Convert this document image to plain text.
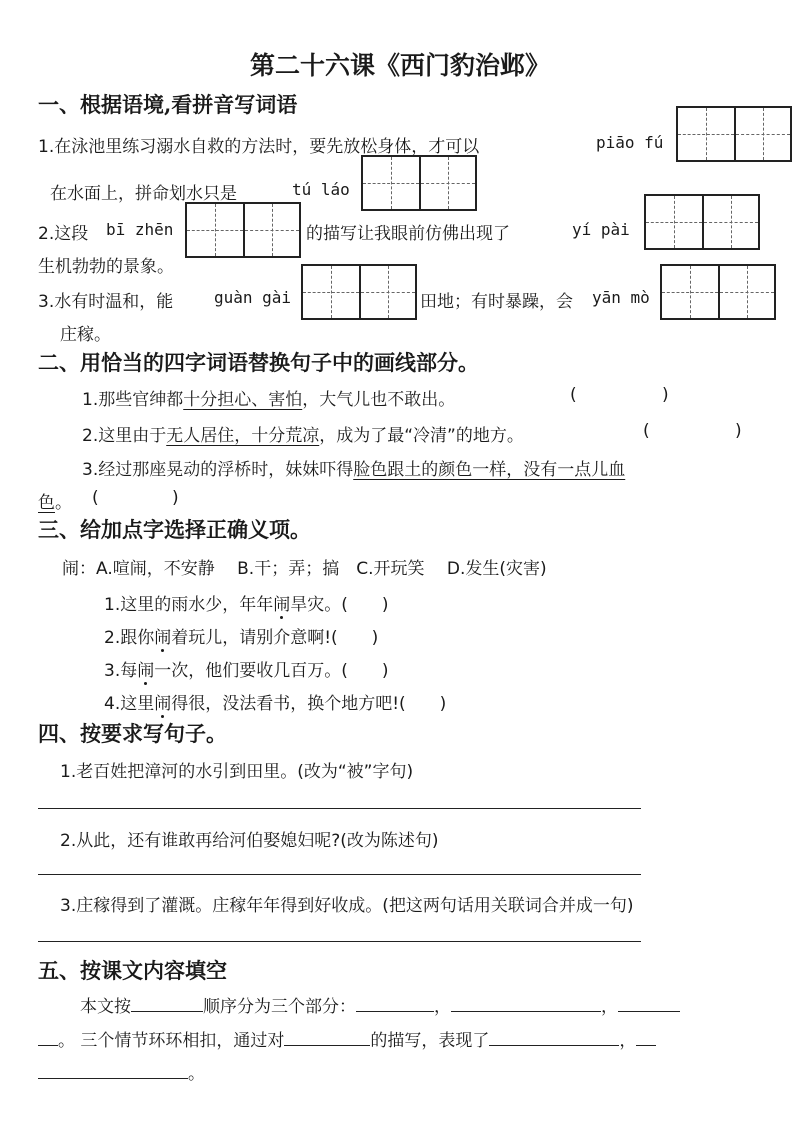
第二十六课《西门豹治邺》
一、根据语境,看拼音写词语
1.在泳池里练习溺水自救的方法时，要先放松身体，才可以	piāo fú
在水面上，拼命划水只是	tú láo
2.这段 bī zhēn	的描写让我眼前仿佛出现了	yí pài
生机勃勃的景象。
3.水有时温和，能	guàn gài	田地；有时暴躁，会 yān mò
庄稼。
二、用恰当的四字词语替换句子中的画线部分。
1.那些官绅都十分担心、害怕，大气儿也不敢出。	(	)
2.这里由于无人居住，十分荒凉，成为了最“冷清”的地方。	(	)
3.经过那座晃动的浮桥时，妹妹吓得脸色跟土的颜色一样，没有一点儿血
色。 (	)
三、给加点字选择正确义项。
闹：A.喧闹，不安静　 B.干；弄；搞　C.开玩笑　 D.发生(灾害)
1.这里的雨水少，年年闹旱灾。(　　)
2.跟你闹着玩儿，请别介意啊!(　　)
3.每闹一次，他们要收几百万。(　　)
4.这里闹得很，没法看书，换个地方吧!(　　)
四、按要求写句子。
1.老百姓把漳河的水引到田里。(改为“被”字句)
2.从此，还有谁敢再给河伯娶媳妇呢?(改为陈述句)
3.庄稼得到了灌溉。庄稼年年得到好收成。(把这两句话用关联词合并成一句)
五、按课文内容填空
本文按	顺序分为三个部分：	，	，
。 三个情节环环相扣，通过对	的描写，表现了	，
。
